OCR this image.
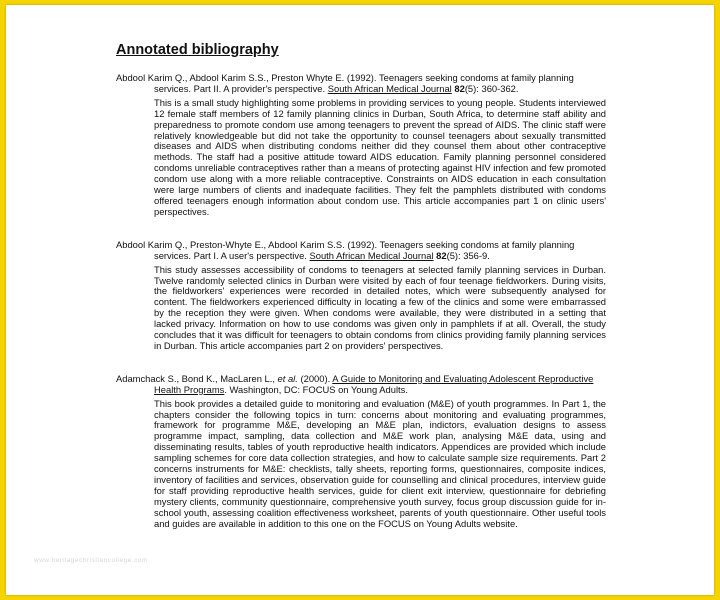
Annotated bibliography

Abdool Karim Q., Abdool Karim S.S., Preston Whyte E. (1992). Teenagers seeking condoms at family planning services. Part II. A provider's perspective. South African Medical Journal 82(5): 360-362.

This is a small study highlighting some problems in providing services to young people. Students interviewed 12 female staff members of 12 family planning clinics in Durban, South Africa, to determine staff ability and preparedness to promote condom use among teenagers to prevent the spread of AIDS. The clinic staff were relatively knowledgeable but did not take the opportunity to counsel teenagers about sexually transmitted diseases and AIDS when distributing condoms neither did they counsel them about other contraceptive methods. The staff had a positive attitude toward AIDS education. Family planning personnel considered condoms unreliable contraceptives rather than a means of protecting against HIV infection and few promoted condom use along with a more reliable contraceptive. Constraints on AIDS education in each consultation were large numbers of clients and inadequate facilities. They felt the pamphlets distributed with condoms offered teenagers enough information about condom use. This article accompanies part 1 on clinic users' perspectives.

Abdool Karim Q., Preston-Whyte E., Abdool Karim S.S. (1992). Teenagers seeking condoms at family planning services. Part I. A user's perspective. South African Medical Journal 82(5): 356-9.

This study assesses accessibility of condoms to teenagers at selected family planning services in Durban. Twelve randomly selected clinics in Durban were visited by each of four teenage fieldworkers. During visits, the fieldworkers' experiences were recorded in detailed notes, which were subsequently analysed for content. The fieldworkers experienced difficulty in locating a few of the clinics and some were embarrassed by the reception they were given. When condoms were available, they were distributed in a setting that lacked privacy. Information on how to use condoms was given only in pamphlets if at all. Overall, the study concludes that it was difficult for teenagers to obtain condoms from clinics providing family planning services in Durban. This article accompanies part 2 on providers' perspectives.

Adamchack S., Bond K., MacLaren L., et al. (2000). A Guide to Monitoring and Evaluating Adolescent Reproductive Health Programs. Washington, DC: FOCUS on Young Adults.

This book provides a detailed guide to monitoring and evaluation (M&E) of youth programmes. In Part 1, the chapters consider the following topics in turn: concerns about monitoring and evaluating programmes, framework for programme M&E, developing an M&E plan, indictors, evaluation designs to assess programme impact, sampling, data collection and M&E work plan, analysing M&E data, using and disseminating results, tables of youth reproductive health indicators. Appendices are provided which include sampling schemes for core data collection strategies, and how to calculate sample size requirements. Part 2 concerns instruments for M&E: checklists, tally sheets, reporting forms, questionnaires, composite indices, inventory of facilities and services, observation guide for counselling and clinical procedures, interview guide for staff providing reproductive health services, guide for client exit interview, questionnaire for debriefing mystery clients, community questionnaire, comprehensive youth survey, focus group discussion guide for in-school youth, assessing coalition effectiveness worksheet, parents of youth questionnaire. Other useful tools and guides are available in addition to this one on the FOCUS on Young Adults website.

www.heritagechristiancollege.com
